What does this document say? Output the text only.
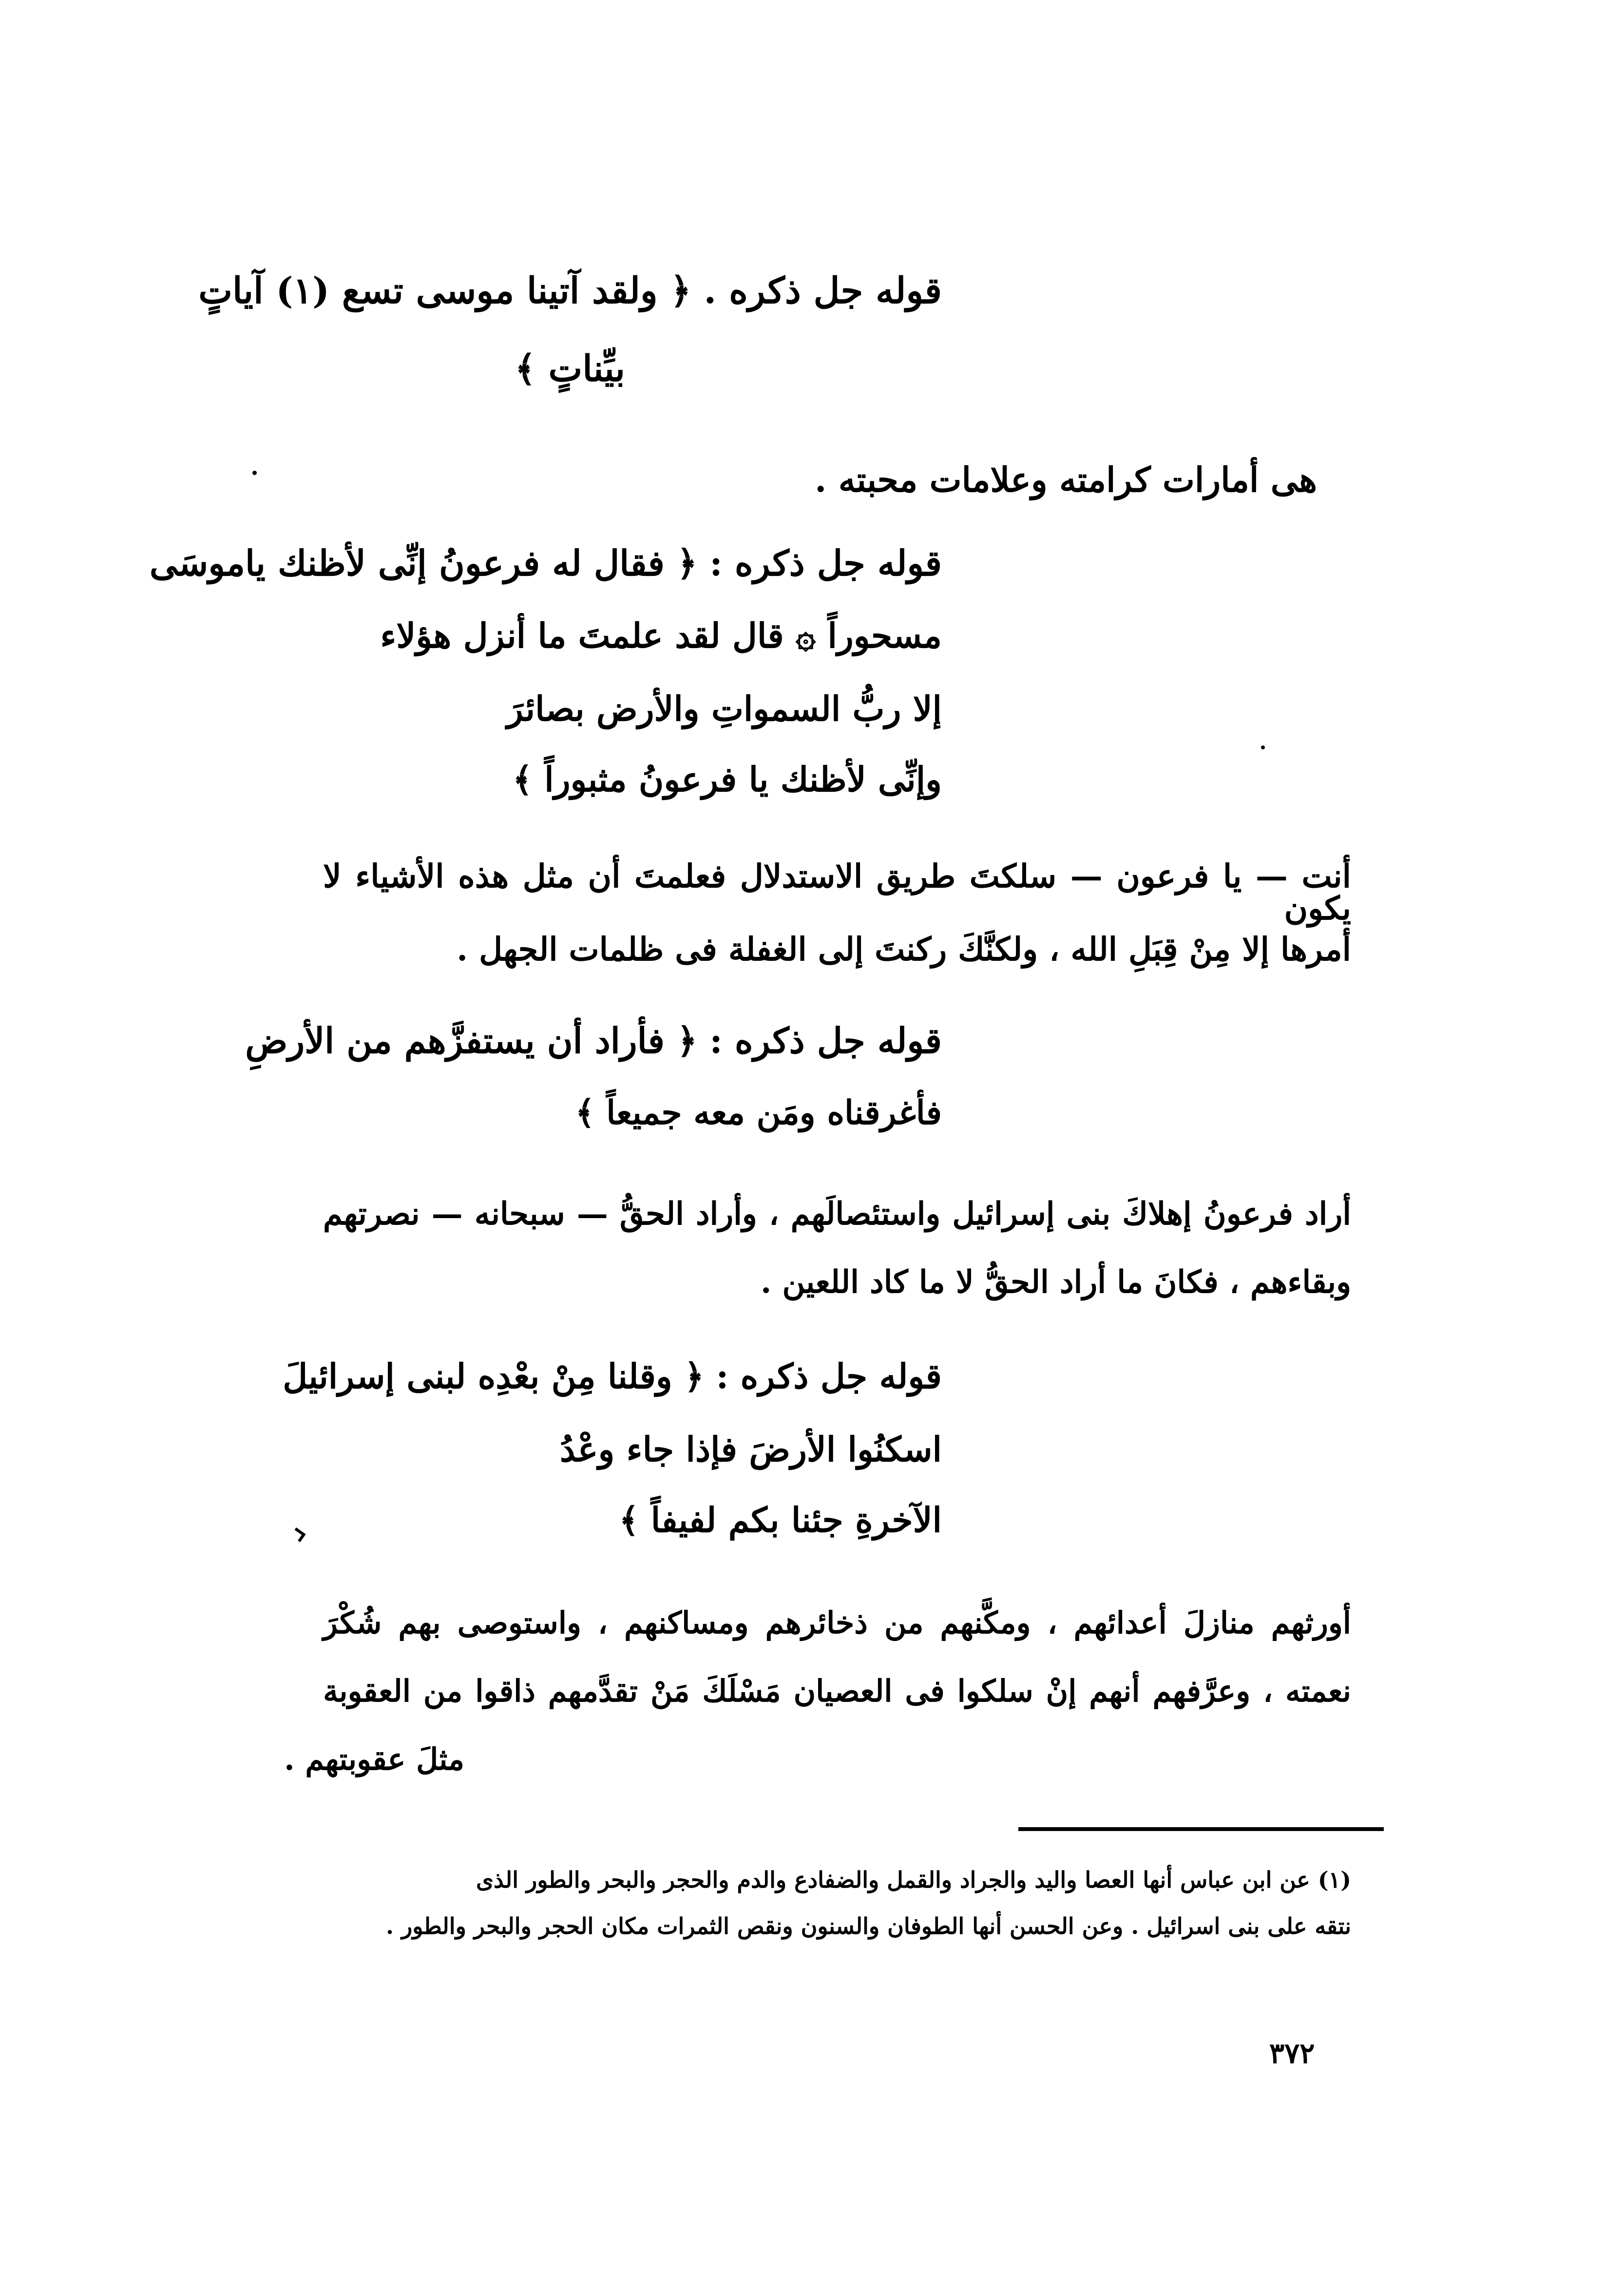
قوله جل ذكره . ﴿ ولقد آتينا موسى تسع (١) آياتٍ
بيِّناتٍ ﴾
هى أمارات كرامته وعلامات محبته .
قوله جل ذكره : ﴿ فقال له فرعونُ إنِّى لأظنك ياموسَى
مسحوراً ۞ قال لقد علمتَ ما أنزل هؤلاء
إلا ربُّ السمواتِ والأرض بصائرَ
وإنِّى لأظنك يا فرعونُ مثبوراً ﴾
أنت — يا فرعون — سلكتَ طريق الاستدلال فعلمتَ أن مثل هذه الأشياء لا يكون
أمرها إلا مِنْ قِبَلِ الله ، ولكنَّكَ ركنتَ إلى الغفلة فى ظلمات الجهل .
قوله جل ذكره : ﴿ فأراد أن يستفزَّهم من الأرضِ
فأغرقناه ومَن معه جميعاً ﴾
أراد فرعونُ إهلاكَ بنى إسرائيل واستئصالَهم ، وأراد الحقُّ — سبحانه — نصرتهم
وبقاءهم ، فكانَ ما أراد الحقُّ لا ما كاد اللعين .
قوله جل ذكره : ﴿ وقلنا مِنْ بعْدِه لبنى إسرائيلَ
اسكنُوا الأرضَ فإذا جاء وعْدُ
الآخرةِ جئنا بكم لفيفاً ﴾
أورثهم منازلَ أعدائهم ، ومكَّنهم من ذخائرهم ومساكنهم ، واستوصى بهم شُكْرَ
نعمته ، وعرَّفهم أنهم إنْ سلكوا فى العصيان مَسْلَكَ مَنْ تقدَّمهم ذاقوا من العقوبة
مثلَ عقوبتهم .
(١) عن ابن عباس أنها العصا واليد والجراد والقمل والضفادع والدم والحجر والبحر والطور الذى
نتقه على بنى اسرائيل . وعن الحسن أنها الطوفان والسنون ونقص الثمرات مكان الحجر والبحر والطور .
٣٧٢
